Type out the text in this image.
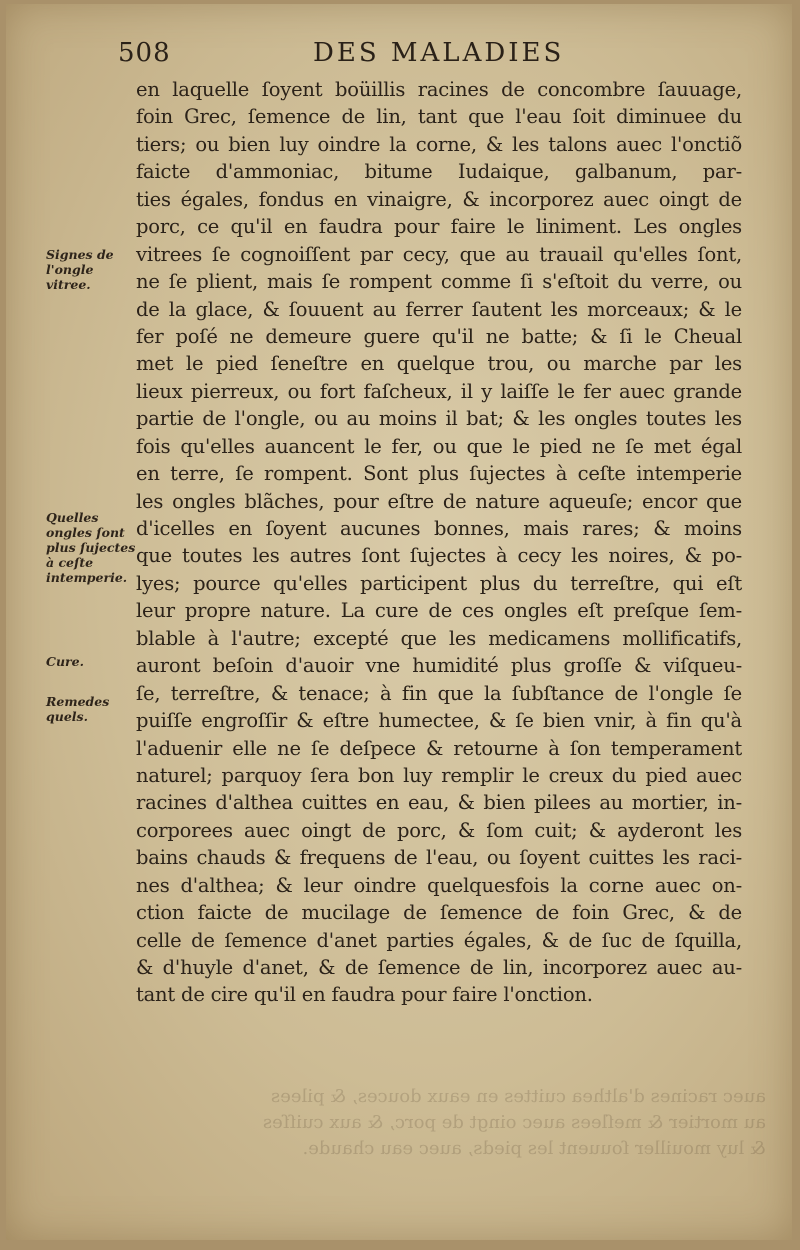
508	DES MALADIES
en laquelle ſoyent boüillis racines de concombre ſauuage,
foin Grec, ſemence de lin, tant que l'eau ſoit diminuee du
tiers; ou bien luy oindre la corne, & les talons auec l'onctiõ
faicte d'ammoniac, bitume Iudaique, galbanum, par-
ties égales, fondus en vinaigre, & incorporez auec oingt de
porc, ce qu'il en faudra pour faire le liniment. Les ongles
vitrees ſe cognoiſſent par cecy, que au trauail qu'elles ſont,
ne ſe plient, mais ſe rompent comme ſi s'eſtoit du verre, ou
de la glace, & ſouuent au ferrer ſautent les morceaux; & le
fer poſé ne demeure guere qu'il ne batte; & ſi le Cheual
met le pied ſeneſtre en quelque trou, ou marche par les
lieux pierreux, ou fort faſcheux, il y laiſſe le fer auec grande
partie de l'ongle, ou au moins il bat; & les ongles toutes les
fois qu'elles auancent le fer, ou que le pied ne ſe met égal
en terre, ſe rompent. Sont plus ſujectes à ceſte intemperie
les ongles blãches, pour eſtre de nature aqueuſe; encor que
d'icelles en ſoyent aucunes bonnes, mais rares; & moins
que toutes les autres ſont ſujectes à cecy les noires, & po-
lyes; pource qu'elles participent plus du terreſtre, qui eſt
leur propre nature. La cure de ces ongles eſt preſque ſem-
blable à l'autre; excepté que les medicamens mollificatifs,
auront beſoin d'auoir vne humidité plus groſſe & viſqueu-
ſe, terreſtre, & tenace; à fin que la ſubſtance de l'ongle ſe
puiſſe engroſſir & eſtre humectee, & ſe bien vnir, à fin qu'à
l'aduenir elle ne ſe deſpece & retourne à ſon temperament
naturel; parquoy ſera bon luy remplir le creux du pied auec
racines d'althea cuittes en eau, & bien pilees au mortier, in-
corporees auec oingt de porc, & ſom cuit; & ayderont les
bains chauds & frequens de l'eau, ou ſoyent cuittes les raci-
nes d'althea; & leur oindre quelquesfois la corne auec on-
ction faicte de mucilage de ſemence de foin Grec, & de
celle de ſemence d'anet parties égales, & de ſuc de ſquilla,
& d'huyle d'anet, & de ſemence de lin, incorporez auec au-
tant de cire qu'il en faudra pour faire l'onction.
Signes de l'ongle vitree.
Quelles ongles ſont plus ſujectes à ceſte intemperie.
Cure.
Remedes quels.
auec racines d'althea cuittes en eaux douces, & pilees
au mortier & meſlees auec oingt de porc, & aux cuiſſes
& luy mouiller ſouuent les pieds, auec eau chaude.
